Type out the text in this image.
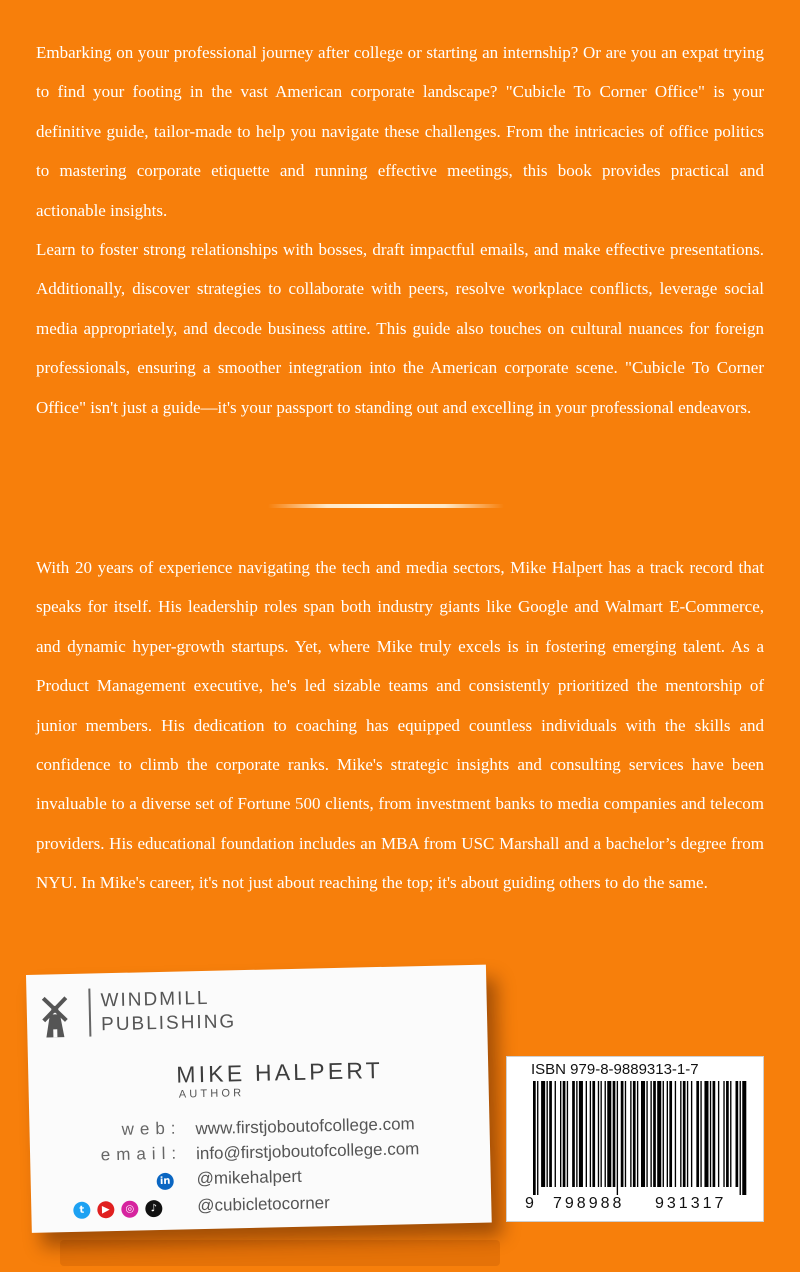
Embarking on your professional journey after college or starting an internship? Or are you an expat trying to find your footing in the vast American corporate landscape? "Cubicle To Corner Office" is your definitive guide, tailor-made to help you navigate these challenges. From the intricacies of office politics to mastering corporate etiquette and running effective meetings, this book provides practical and actionable insights.

Learn to foster strong relationships with bosses, draft impactful emails, and make effective presentations. Additionally, discover strategies to collaborate with peers, resolve workplace conflicts, leverage social media appropriately, and decode business attire. This guide also touches on cultural nuances for foreign professionals, ensuring a smoother integration into the American corporate scene. "Cubicle To Corner Office" isn't just a guide—it's your passport to standing out and excelling in your professional endeavors.

With 20 years of experience navigating the tech and media sectors, Mike Halpert has a track record that speaks for itself. His leadership roles span both industry giants like Google and Walmart E-Commerce, and dynamic hyper-growth startups. Yet, where Mike truly excels is in fostering emerging talent. As a Product Management executive, he's led sizable teams and consistently prioritized the mentorship of junior members. His dedication to coaching has equipped countless individuals with the skills and confidence to climb the corporate ranks. Mike's strategic insights and consulting services have been invaluable to a diverse set of Fortune 500 clients, from investment banks to media companies and telecom providers. His educational foundation includes an MBA from USC Marshall and a bachelor’s degree from NYU. In Mike's career, it's not just about reaching the top; it's about guiding others to do the same.

WINDMILL
PUBLISHING
MIKE HALPERT
AUTHOR
web: www.firstjoboutofcollege.com
email: info@firstjoboutofcollege.com
in @mikehalpert
t	▶	◎	♪	@cubicletocorner
ISBN 979-8-9889313-1-7
9 798988 931317
